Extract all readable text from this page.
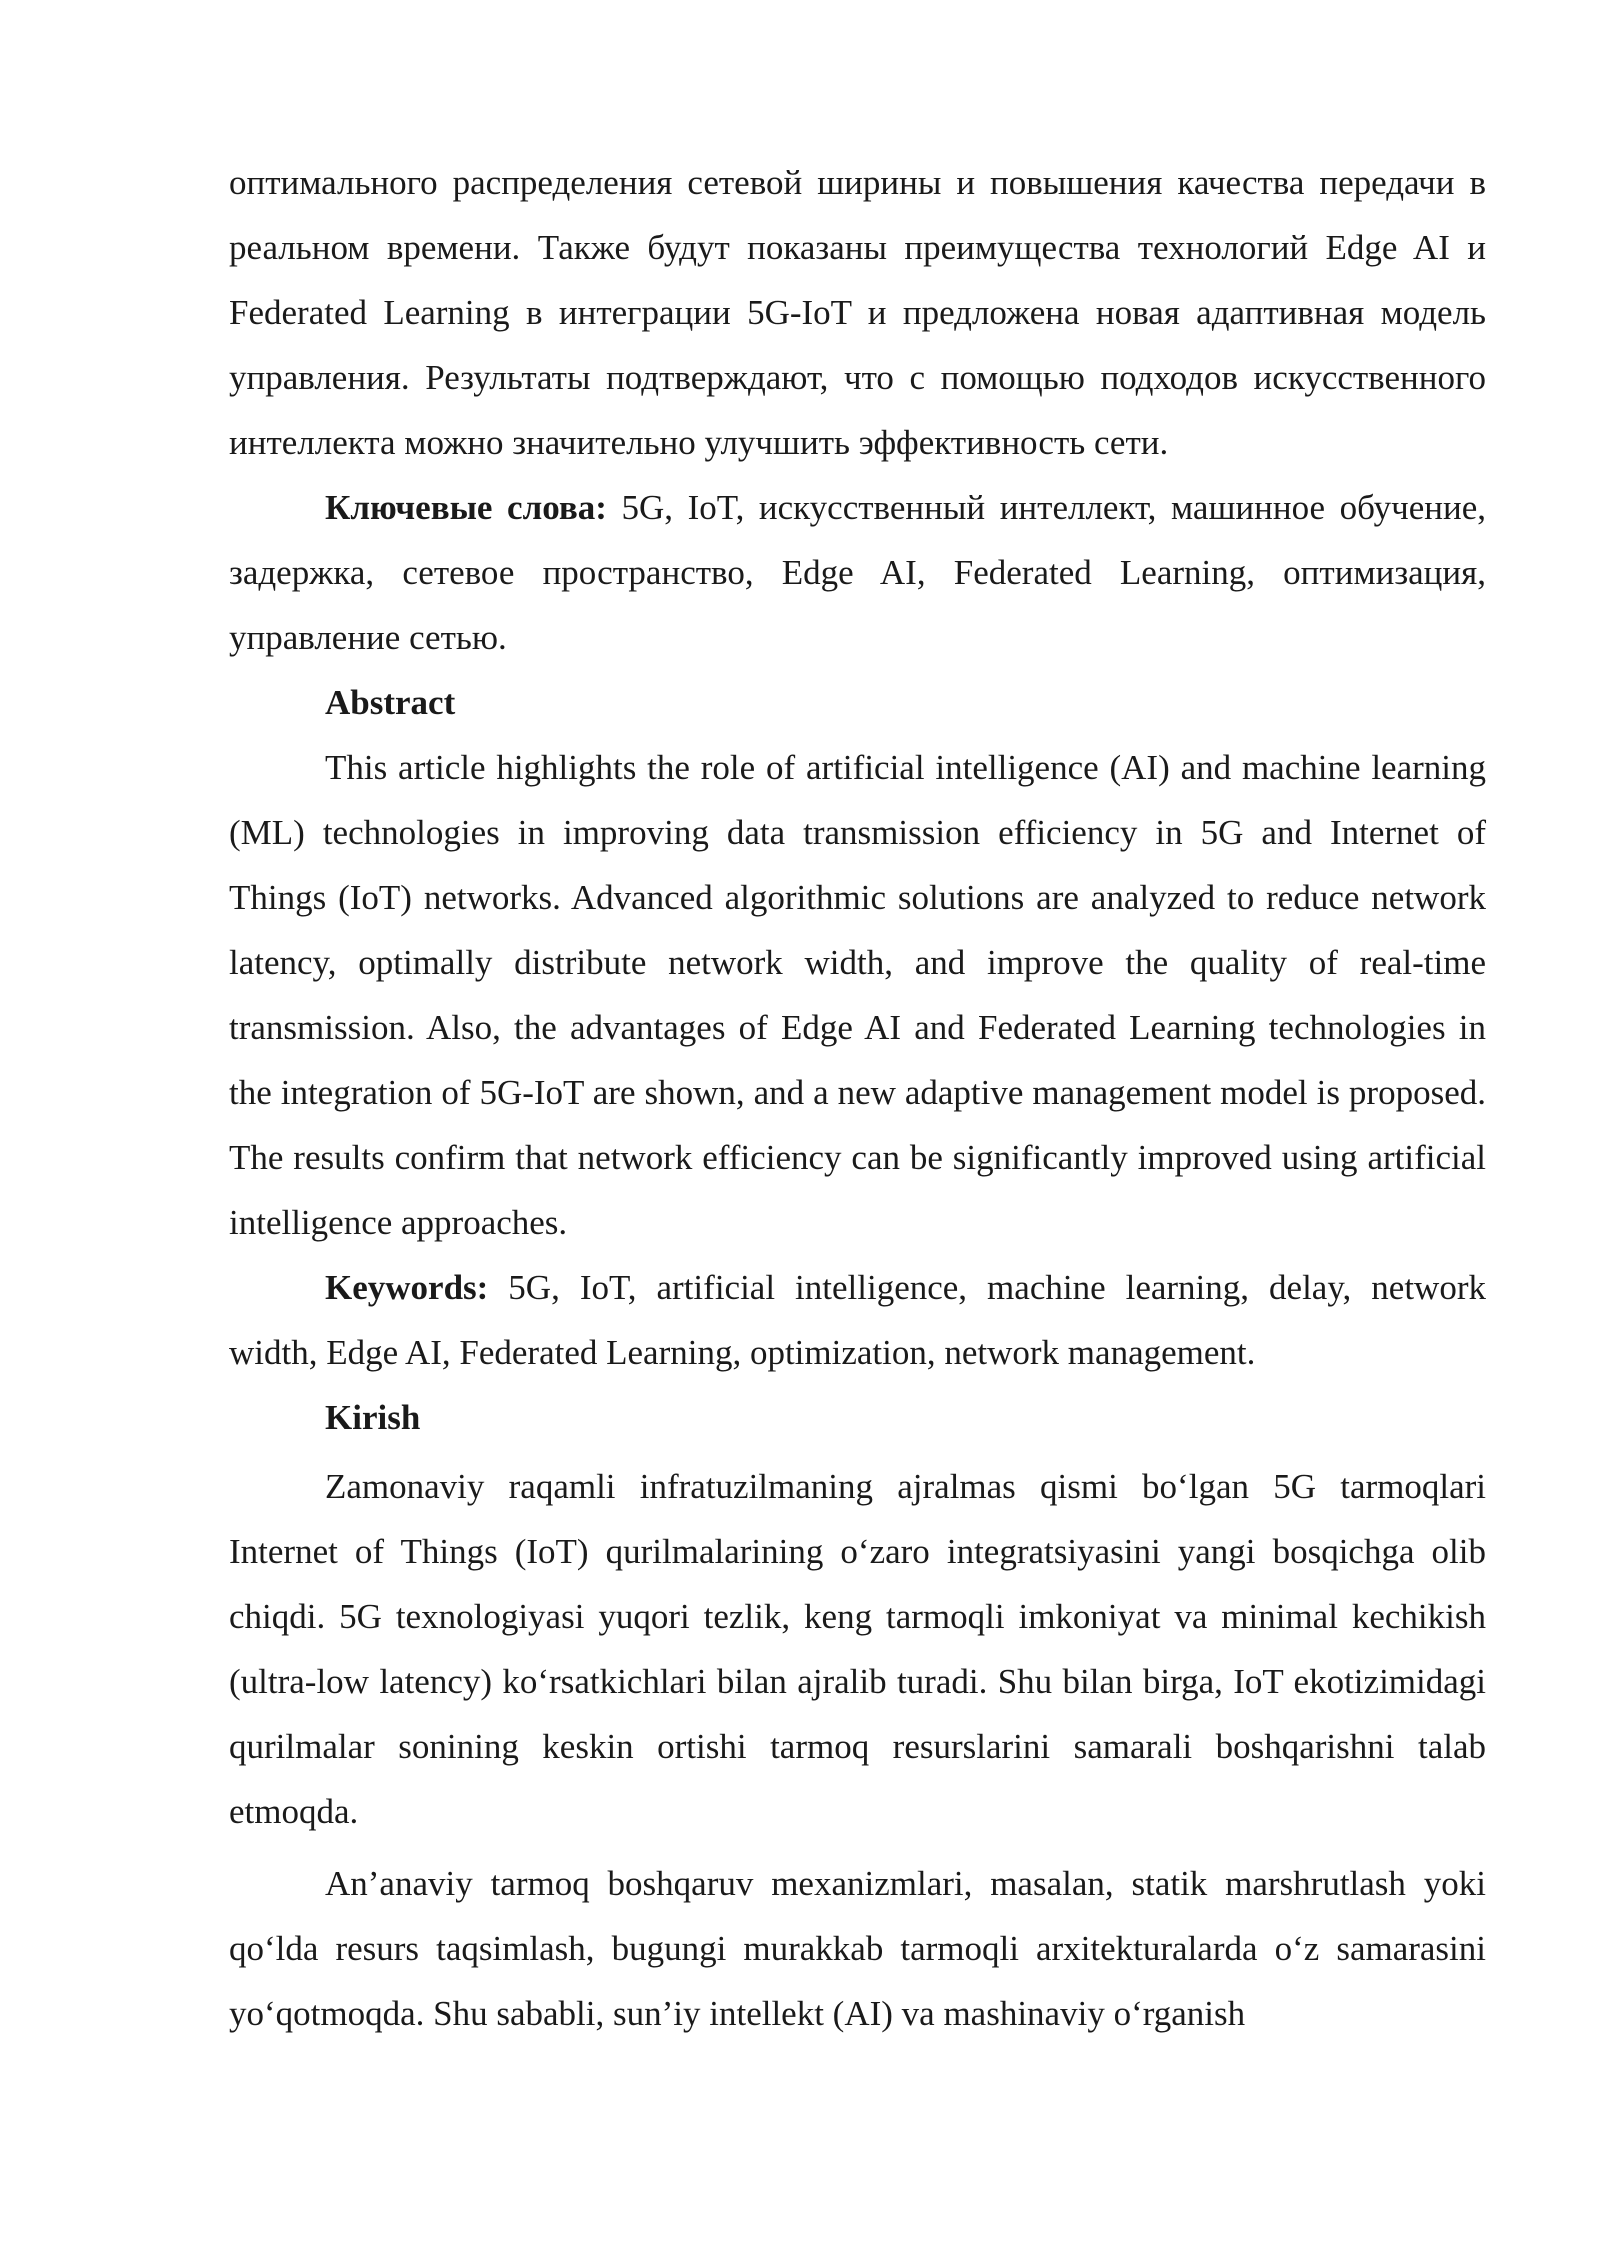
оптимального распределения сетевой ширины и повышения качества передачи в реальном времени. Также будут показаны преимущества технологий Edge AI и Federated Learning в интеграции 5G-IoT и предложена новая адаптивная модель управления. Результаты подтверждают, что с помощью подходов искусственного интеллекта можно значительно улучшить эффективность сети.

Ключевые слова: 5G, IoT, искусственный интеллект, машинное обучение, задержка, сетевое пространство, Edge AI, Federated Learning, оптимизация, управление сетью.

Abstract

This article highlights the role of artificial intelligence (AI) and machine learning (ML) technologies in improving data transmission efficiency in 5G and Internet of Things (IoT) networks. Advanced algorithmic solutions are analyzed to reduce network latency, optimally distribute network width, and improve the quality of real-time transmission. Also, the advantages of Edge AI and Federated Learning technologies in the integration of 5G-IoT are shown, and a new adaptive management model is proposed. The results confirm that network efficiency can be significantly improved using artificial intelligence approaches.

Keywords: 5G, IoT, artificial intelligence, machine learning, delay, network width, Edge AI, Federated Learning, optimization, network management.

Kirish

Zamonaviy raqamli infratuzilmaning ajralmas qismi bo‘lgan 5G tarmoqlari Internet of Things (IoT) qurilmalarining o‘zaro integratsiyasini yangi bosqichga olib chiqdi. 5G texnologiyasi yuqori tezlik, keng tarmoqli imkoniyat va minimal kechikish (ultra-low latency) ko‘rsatkichlari bilan ajralib turadi. Shu bilan birga, IoT ekotizimidagi qurilmalar sonining keskin ortishi tarmoq resurslarini samarali boshqarishni talab etmoqda.

An’anaviy tarmoq boshqaruv mexanizmlari, masalan, statik marshrutlash yoki qo‘lda resurs taqsimlash, bugungi murakkab tarmoqli arxitekturalarda o‘z samarasini yo‘qotmoqda. Shu sababli, sun’iy intellekt (AI) va mashinaviy o‘rganish
